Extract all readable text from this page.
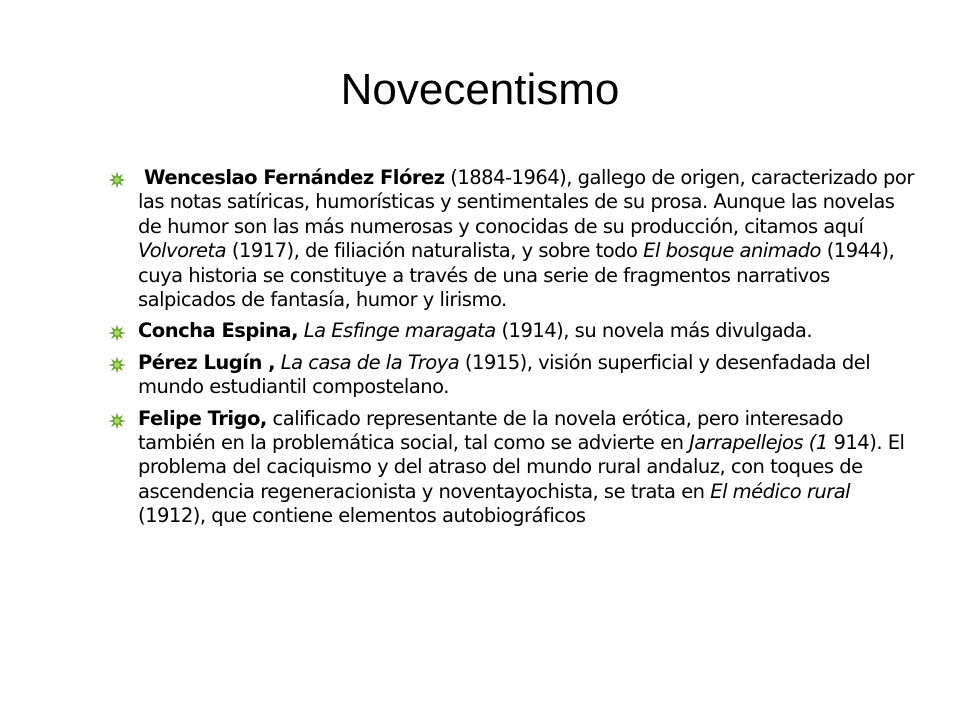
Novecentismo
Wenceslao Fernández Flórez (1884-1964), gallego de origen, caracterizado por las notas satíricas, humorísticas y sentimentales de su prosa. Aunque las novelas de humor son las más numerosas y conocidas de su producción, citamos aquí Volvoreta (1917), de filiación naturalista, y sobre todo El bosque animado (1944), cuya historia se constituye a través de una serie de fragmentos narrativos salpicados de fantasía, humor y lirismo.
Concha Espina, La Esfinge maragata (1914), su novela más divulgada.
Pérez Lugín , La casa de la Troya (1915), visión superficial y desenfadada del mundo estudiantil compostelano.
Felipe Trigo, calificado representante de la novela erótica, pero interesado también en la problemática social, tal como se advierte en Jarrapellejos (1 914). El problema del caciquismo y del atraso del mundo rural andaluz, con toques de ascendencia regeneracionista y noventayochista, se trata en El médico rural (1912), que contiene elementos autobiográficos
